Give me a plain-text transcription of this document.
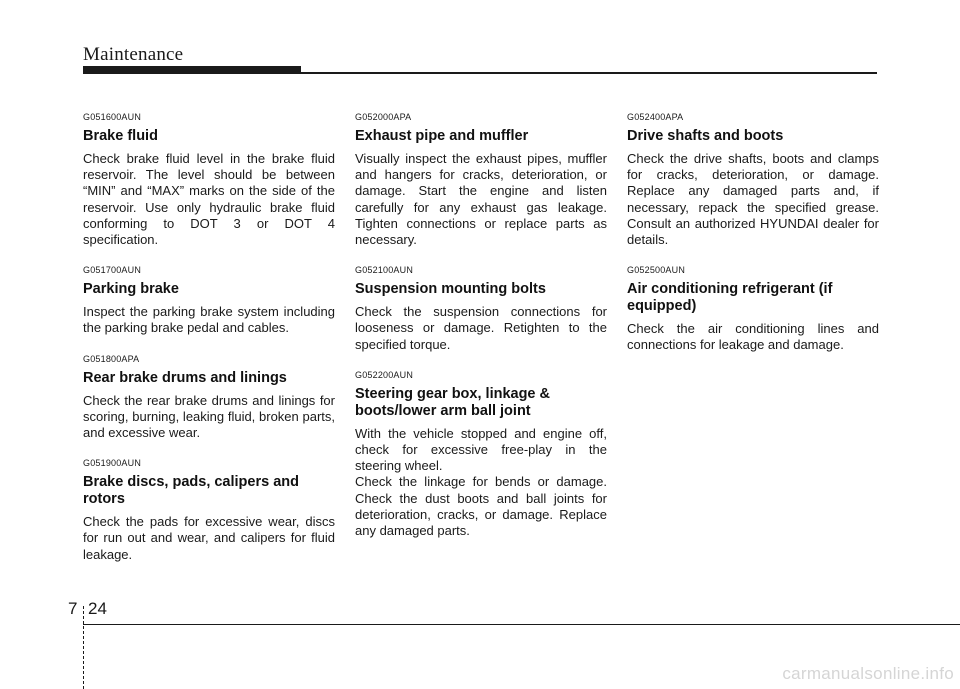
Maintenance
G051600AUN
Brake fluid

Check brake fluid level in the brake fluid reservoir. The level should be between “MIN” and “MAX” marks on the side of the reservoir. Use only hydraulic brake fluid conforming to DOT 3 or DOT 4 specification.

G051700AUN
Parking brake

Inspect the parking brake system including the parking brake pedal and cables.

G051800APA
Rear brake drums and linings

Check the rear brake drums and linings for scoring, burning, leaking fluid, broken parts, and excessive wear.

G051900AUN
Brake discs, pads, calipers and rotors

Check the pads for excessive wear, discs for run out and wear, and calipers for fluid leakage.

G052000APA
Exhaust pipe and muffler

Visually inspect the exhaust pipes, muffler and hangers for cracks, deterioration, or damage. Start the engine and listen carefully for any exhaust gas leakage. Tighten connections or replace parts as necessary.

G052100AUN
Suspension mounting bolts

Check the suspension connections for looseness or damage. Retighten to the specified torque.

G052200AUN
Steering gear box, linkage & boots/lower arm ball joint

With the vehicle stopped and engine off, check for excessive free-play in the steering wheel.

Check the linkage for bends or damage. Check the dust boots and ball joints for deterioration, cracks, or damage. Replace any damaged parts.

G052400APA
Drive shafts and boots

Check the drive shafts, boots and clamps for cracks, deterioration, or damage. Replace any damaged parts and, if necessary, repack the specified grease. Consult an authorized HYUNDAI dealer for details.

G052500AUN
Air conditioning refrigerant (if equipped)

Check the air conditioning lines and connections for leakage and damage.

7 24
carmanualsonline.info
